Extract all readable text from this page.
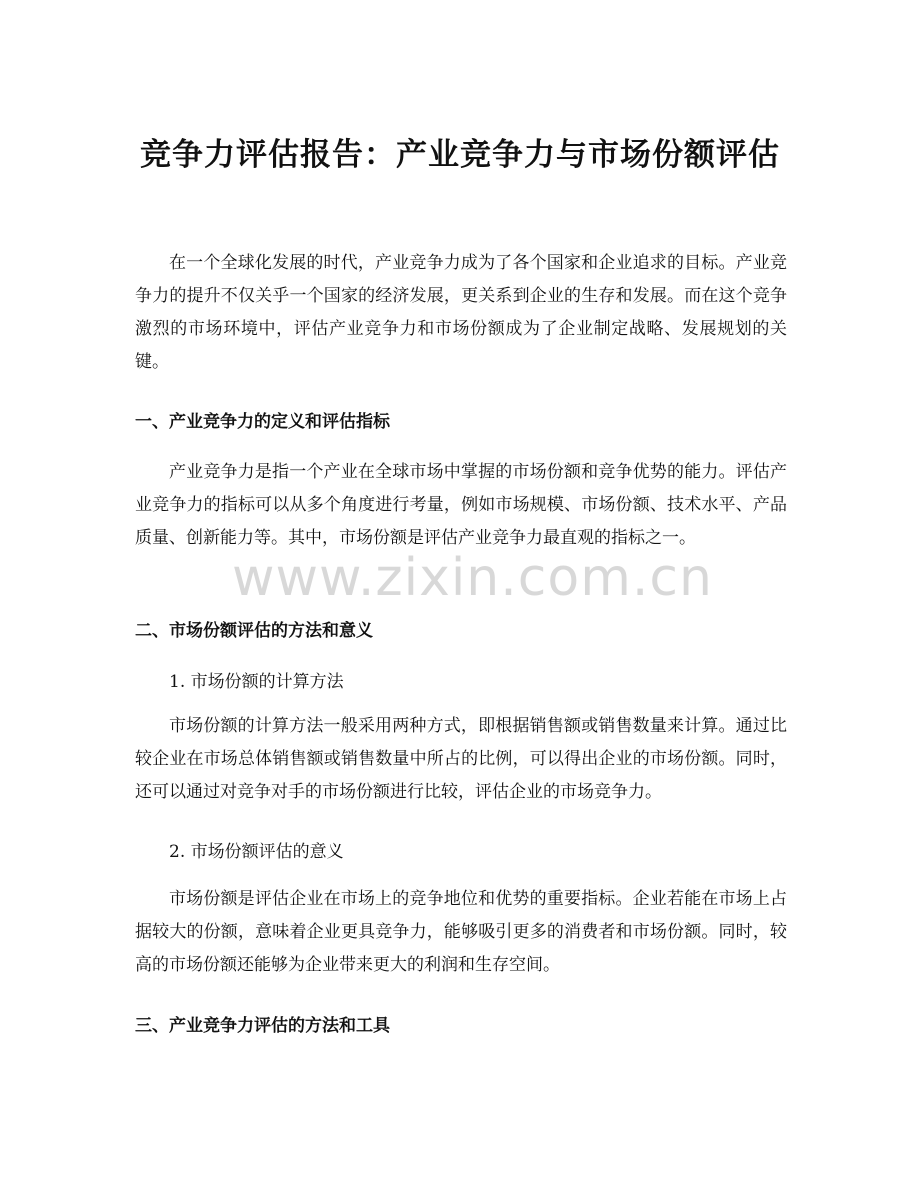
竞争力评估报告：产业竞争力与市场份额评估

在一个全球化发展的时代，产业竞争力成为了各个国家和企业追求的目标。产业竞争力的提升不仅关乎一个国家的经济发展，更关系到企业的生存和发展。而在这个竞争激烈的市场环境中，评估产业竞争力和市场份额成为了企业制定战略、发展规划的关键。

一、产业竞争力的定义和评估指标

产业竞争力是指一个产业在全球市场中掌握的市场份额和竞争优势的能力。评估产业竞争力的指标可以从多个角度进行考量，例如市场规模、市场份额、技术水平、产品质量、创新能力等。其中，市场份额是评估产业竞争力最直观的指标之一。

二、市场份额评估的方法和意义

1. 市场份额的计算方法

市场份额的计算方法一般采用两种方式，即根据销售额或销售数量来计算。通过比较企业在市场总体销售额或销售数量中所占的比例，可以得出企业的市场份额。同时，还可以通过对竞争对手的市场份额进行比较，评估企业的市场竞争力。

2. 市场份额评估的意义

市场份额是评估企业在市场上的竞争地位和优势的重要指标。企业若能在市场上占据较大的份额，意味着企业更具竞争力，能够吸引更多的消费者和市场份额。同时，较高的市场份额还能够为企业带来更大的利润和生存空间。

三、产业竞争力评估的方法和工具
www.zixin.com.cn
